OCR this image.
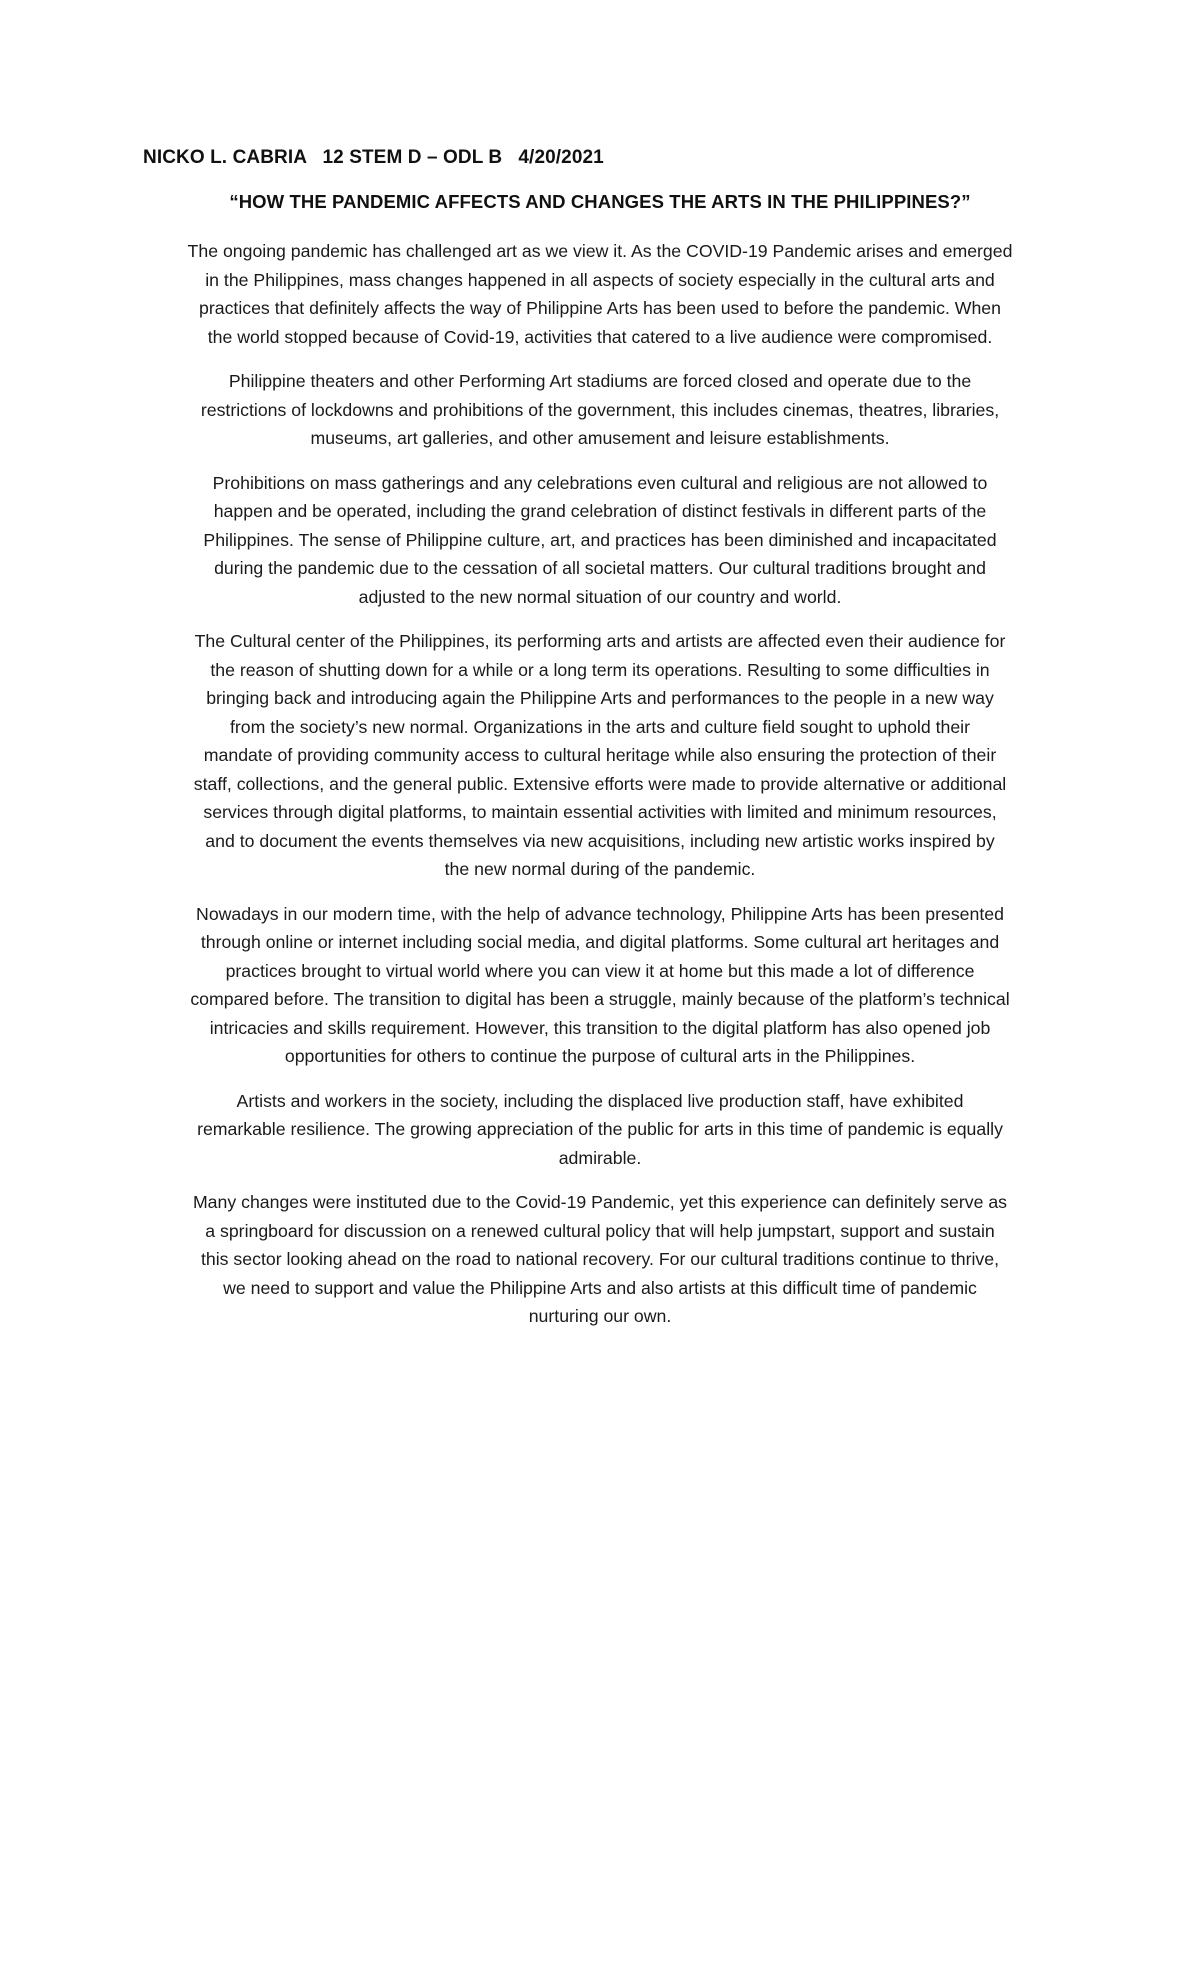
NICKO L. CABRIA   12 STEM D – ODL B   4/20/2021
“HOW THE PANDEMIC AFFECTS AND CHANGES THE ARTS IN THE PHILIPPINES?”

The ongoing pandemic has challenged art as we view it. As the COVID-19 Pandemic arises and emerged
in the Philippines, mass changes happened in all aspects of society especially in the cultural arts and
practices that definitely affects the way of Philippine Arts has been used to before the pandemic. When
the world stopped because of Covid-19, activities that catered to a live audience were compromised.

Philippine theaters and other Performing Art stadiums are forced closed and operate due to the
restrictions of lockdowns and prohibitions of the government, this includes cinemas, theatres, libraries,
museums, art galleries, and other amusement and leisure establishments.

Prohibitions on mass gatherings and any celebrations even cultural and religious are not allowed to
happen and be operated, including the grand celebration of distinct festivals in different parts of the
Philippines. The sense of Philippine culture, art, and practices has been diminished and incapacitated
during the pandemic due to the cessation of all societal matters. Our cultural traditions brought and
adjusted to the new normal situation of our country and world.

The Cultural center of the Philippines, its performing arts and artists are affected even their audience for
the reason of shutting down for a while or a long term its operations. Resulting to some difficulties in
bringing back and introducing again the Philippine Arts and performances to the people in a new way
from the society’s new normal. Organizations in the arts and culture field sought to uphold their
mandate of providing community access to cultural heritage while also ensuring the protection of their
staff, collections, and the general public. Extensive efforts were made to provide alternative or additional
services through digital platforms, to maintain essential activities with limited and minimum resources,
and to document the events themselves via new acquisitions, including new artistic works inspired by
the new normal during of the pandemic.

Nowadays in our modern time, with the help of advance technology, Philippine Arts has been presented
through online or internet including social media, and digital platforms. Some cultural art heritages and
practices brought to virtual world where you can view it at home but this made a lot of difference
compared before. The transition to digital has been a struggle, mainly because of the platform’s technical
intricacies and skills requirement. However, this transition to the digital platform has also opened job
opportunities for others to continue the purpose of cultural arts in the Philippines.

Artists and workers in the society, including the displaced live production staff, have exhibited
remarkable resilience. The growing appreciation of the public for arts in this time of pandemic is equally
admirable.

Many changes were instituted due to the Covid-19 Pandemic, yet this experience can definitely serve as
a springboard for discussion on a renewed cultural policy that will help jumpstart, support and sustain
this sector looking ahead on the road to national recovery. For our cultural traditions continue to thrive,
we need to support and value the Philippine Arts and also artists at this difficult time of pandemic
nurturing our own.
